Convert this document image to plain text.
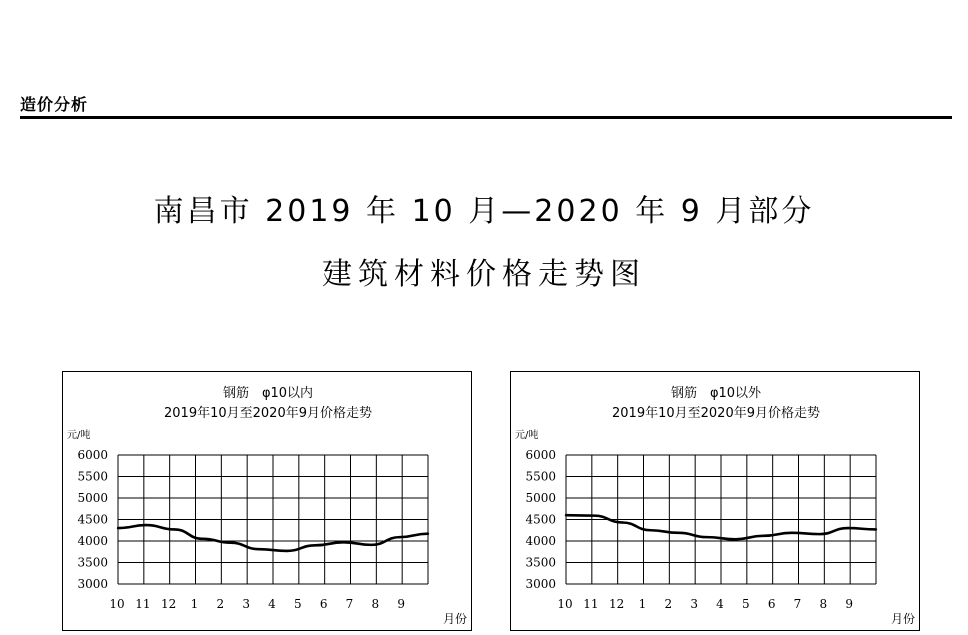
造价分析
南昌市 2019 年 10 月—2020 年 9 月部分
建筑材料价格走势图
钢筋　φ10以内
2019年10月至2020年9月价格走势
元/吨
月份
6000
5500
5000
4500
4000
3500
3000
10 11 12 1 2 3 4 5 6 7 8 9
钢筋　φ10以外
2019年10月至2020年9月价格走势
元/吨
月份
6000
5500
5000
4500
4000
3500
3000
10 11 12 1 2 3 4 5 6 7 8 9
